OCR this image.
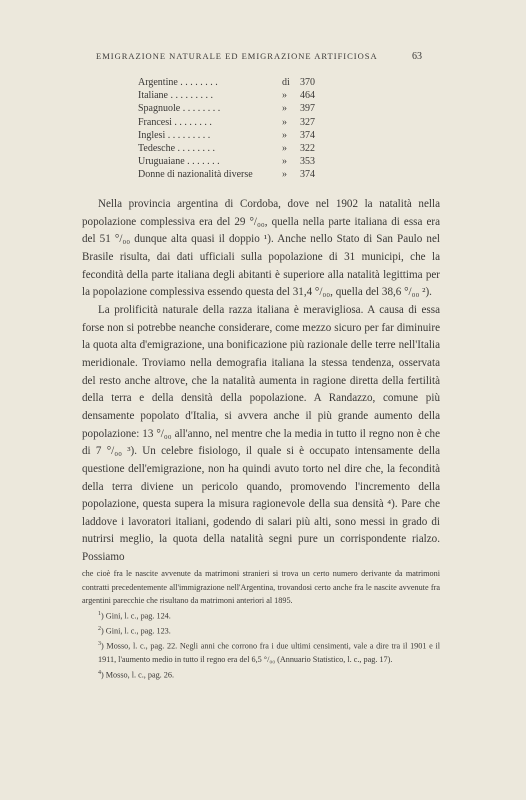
EMIGRAZIONE NATURALE ED EMIGRAZIONE ARTIFICIOSA	63
Argentine . . . . . . . .	di	370
Italiane . . . . . . . . .	»	464
Spagnuole . . . . . . . .	»	397
Francesi . . . . . . . .	»	327
Inglesi . . . . . . . . .	»	374
Tedesche . . . . . . . .	»	322
Uruguaiane . . . . . . .	»	353
Donne di nazionalità diverse	»	374

Nella provincia argentina di Cordoba, dove nel 1902 la natalità nella popolazione complessiva era del 29 °/₀₀, quella nella parte italiana di essa era del 51 °/₀₀ dunque alta quasi il doppio ¹). Anche nello Stato di San Paulo nel Brasile risulta, dai dati ufficiali sulla popolazione di 31 municipi, che la fecondità della parte italiana degli abitanti è superiore alla natalità legittima per la popolazione complessiva essendo questa del 31,4 °/₀₀, quella del 38,6 °/₀₀ ²).

La prolificità naturale della razza italiana è meravigliosa. A causa di essa forse non si potrebbe neanche considerare, come mezzo sicuro per far diminuire la quota alta d'emigrazione, una bonificazione più razionale delle terre nell'Italia meridionale. Troviamo nella demografia italiana la stessa tendenza, osservata del resto anche altrove, che la natalità aumenta in ragione diretta della fertilità della terra e della densità della popolazione. A Randazzo, comune più densamente popolato d'Italia, si avvera anche il più grande aumento della popolazione: 13 °/₀₀ all'anno, nel mentre che la media in tutto il regno non è che di 7 °/₀₀ ³). Un celebre fisiologo, il quale si è occupato intensamente della questione dell'emigrazione, non ha quindi avuto torto nel dire che, la fecondità della terra diviene un pericolo quando, promovendo l'incremento della popolazione, questa supera la misura ragionevole della sua densità ⁴). Pare che laddove i lavoratori italiani, godendo di salari più alti, sono messi in grado di nutrirsi meglio, la quota della natalità segni pure un corrispondente rialzo. Possiamo

che cioè fra le nascite avvenute da matrimoni stranieri si trova un certo numero derivante da matrimoni contratti precedentemente all'immigrazione nell'Argentina, trovandosi certo anche fra le nascite avvenute fra argentini parecchie che risultano da matrimoni anteriori al 1895.

$^1$) Gini, l. c., pag. 124.

$^2$) Gini, l. c., pag. 123.

$^3$) Mosso, l. c., pag. 22. Negli anni che corrono fra i due ultimi censimenti, vale a dire tra il 1901 e il 1911, l'aumento medio in tutto il regno era del 6,5 °/₀₀ (Annuario Statistico, l. c., pag. 17).

$^4$) Mosso, l. c., pag. 26.
